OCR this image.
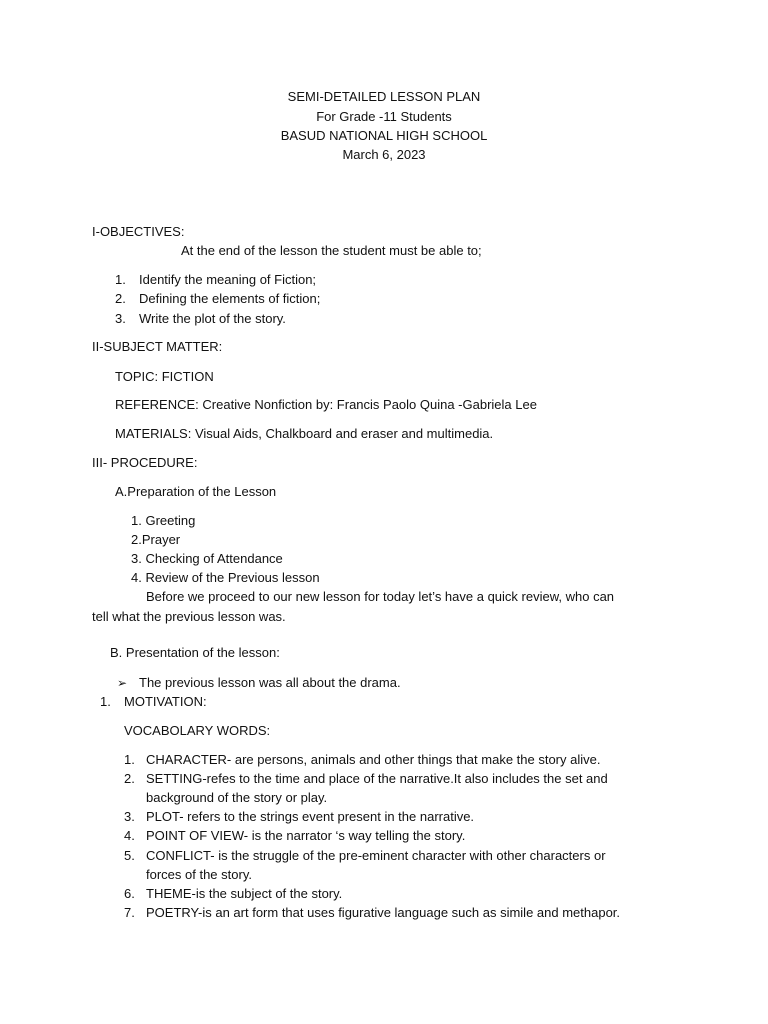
SEMI-DETAILED LESSON PLAN
For Grade -11 Students
BASUD NATIONAL HIGH SCHOOL
March 6, 2023
I-OBJECTIVES:
At the end of the lesson the student must be able to;
1. Identify the meaning of Fiction;
2. Defining the elements of fiction;
3. Write the plot of the story.
II-SUBJECT MATTER:
TOPIC: FICTION
REFERENCE: Creative Nonfiction by: Francis Paolo Quina -Gabriela Lee
MATERIALS: Visual Aids, Chalkboard and eraser and multimedia.
III- PROCEDURE:
A.Preparation of the Lesson
1. Greeting
2.Prayer
3. Checking of Attendance
4. Review of the Previous lesson
Before we proceed to our new lesson for today let’s have a quick review, who can
tell what the previous lesson was.
B. Presentation of the lesson:
➢ The previous lesson was all about the drama.
1. MOTIVATION:
VOCABOLARY WORDS:
1. CHARACTER- are persons, animals and other things that make the story alive.
2. SETTING-refes to the time and place of the narrative.It also includes the set and
background of the story or play.
3. PLOT- refers to the strings event present in the narrative.
4. POINT OF VIEW- is the narrator ‘s way telling the story.
5. CONFLICT- is the struggle of the pre-eminent character with other characters or
forces of the story.
6. THEME-is the subject of the story.
7. POETRY-is an art form that uses figurative language such as simile and methapor.
